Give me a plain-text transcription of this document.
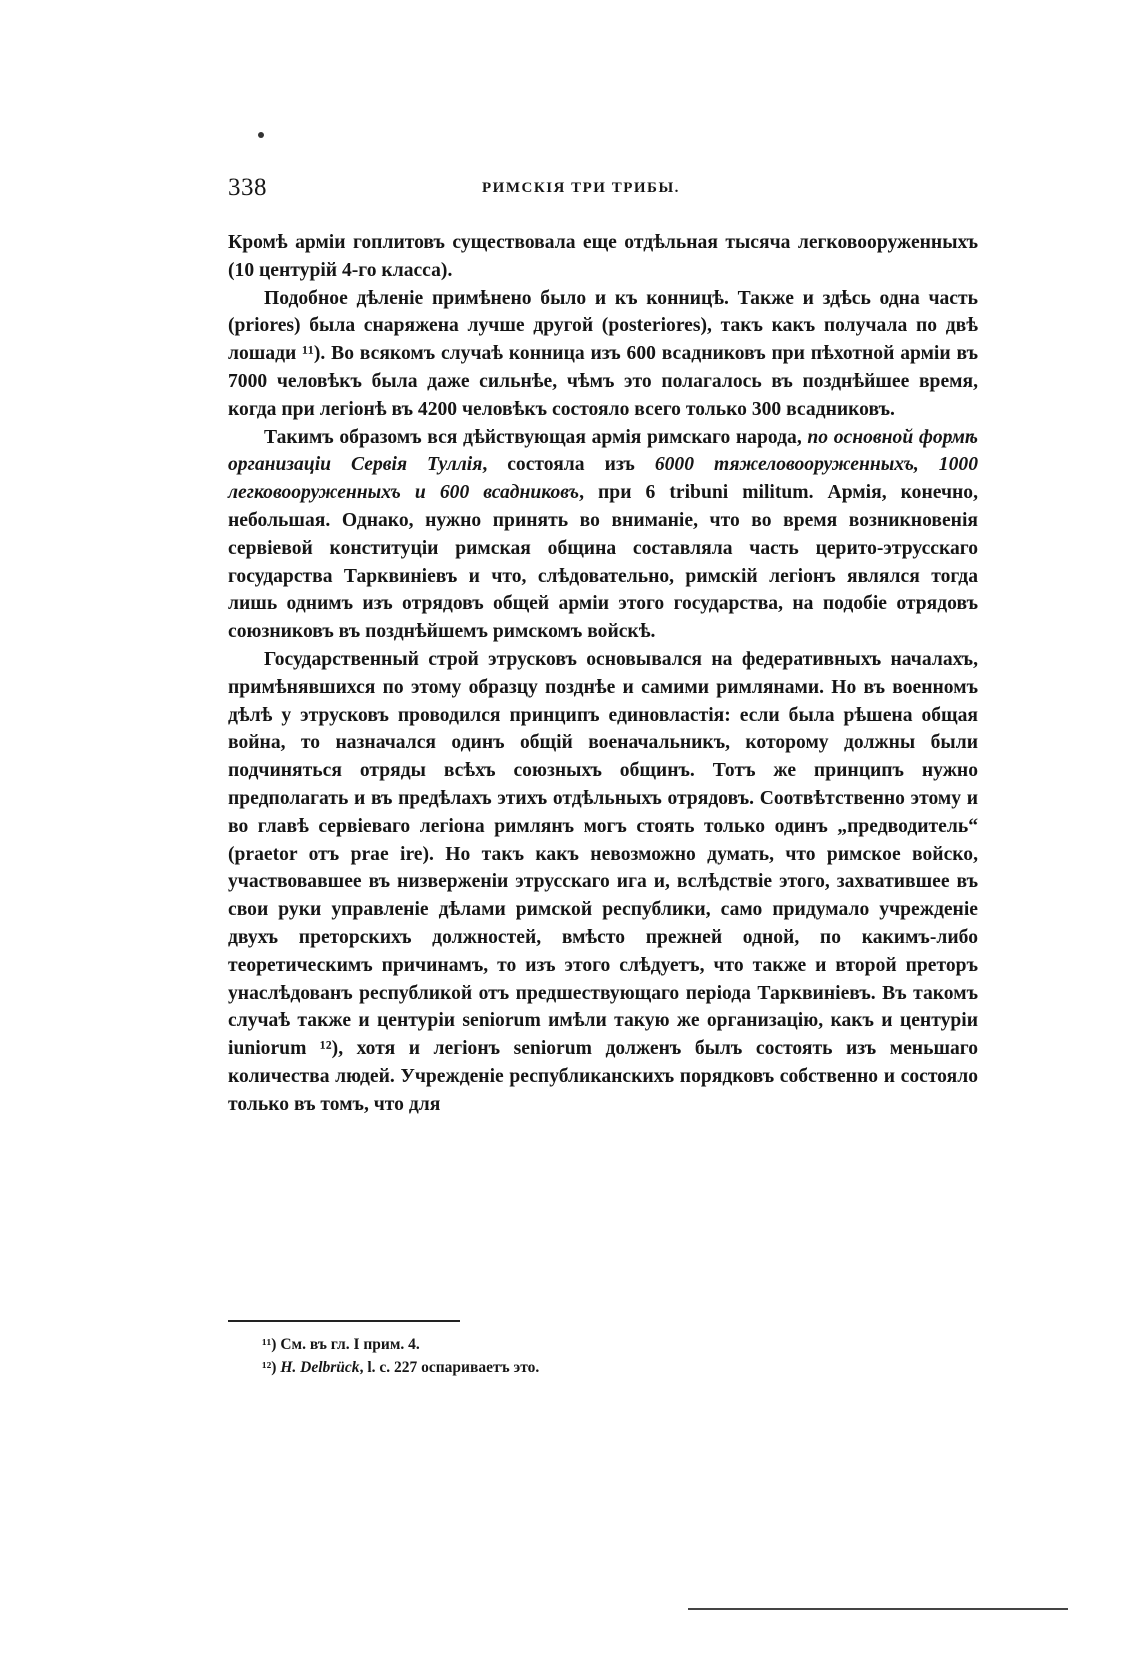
338	РИМСКІЯ ТРИ ТРИБЫ.

Кромѣ арміи гоплитовъ существовала еще отдѣльная тысяча легковооруженныхъ (10 центурій 4-го класса).

Подобное дѣленіе примѣнено было и къ конницѣ. Также и здѣсь одна часть (priores) была снаряжена лучше другой (posteriores), такъ какъ получала по двѣ лошади ¹¹). Во всякомъ случаѣ конница изъ 600 всадниковъ при пѣхотной арміи въ 7000 человѣкъ была даже сильнѣе, чѣмъ это полагалось въ позднѣйшее время, когда при легіонѣ въ 4200 человѣкъ состояло всего только 300 всадниковъ.

Такимъ образомъ вся дѣйствующая армія римскаго народа, по основной формѣ организаціи Сервія Туллія, состояла изъ 6000 тяжеловооруженныхъ, 1000 легковооруженныхъ и 600 всадниковъ, при 6 tribuni militum. Армія, конечно, небольшая. Однако, нужно принять во вниманіе, что во время возникновенія сервіевой конституціи римская община составляла часть церито-этрусскаго государства Тарквиніевъ и что, слѣдовательно, римскій легіонъ являлся тогда лишь однимъ изъ отрядовъ общей арміи этого государства, на подобіе отрядовъ союзниковъ въ позднѣйшемъ римскомъ войскѣ.

Государственный строй этрусковъ основывался на федеративныхъ началахъ, примѣнявшихся по этому образцу позднѣе и самими римлянами. Но въ военномъ дѣлѣ у этрусковъ проводился принципъ единовластія: если была рѣшена общая война, то назначался одинъ общій военачальникъ, которому должны были подчиняться отряды всѣхъ союзныхъ общинъ. Тотъ же принципъ нужно предполагать и въ предѣлахъ этихъ отдѣльныхъ отрядовъ. Соотвѣтственно этому и во главѣ сервіеваго легіона римлянъ могъ стоять только одинъ „предводитель“ (praetor отъ prae ire). Но такъ какъ невозможно думать, что римское войско, участвовавшее въ низверженіи этрусскаго ига и, вслѣдствіе этого, захватившее въ свои руки управленіе дѣлами римской республики, само придумало учрежденіе двухъ преторскихъ должностей, вмѣсто прежней одной, по какимъ-либо теоретическимъ причинамъ, то изъ этого слѣдуетъ, что также и второй преторъ унаслѣдованъ республикой отъ предшествующаго періода Тарквиніевъ. Въ такомъ случаѣ также и центуріи seniorum имѣли такую же организацію, какъ и центуріи iuniorum ¹²), хотя и легіонъ seniorum долженъ былъ состоять изъ меньшаго количества людей. Учрежденіе республиканскихъ порядковъ собственно и состояло только въ томъ, что для

¹¹) См. въ гл. I прим. 4.
¹²) H. Delbrück, l. c. 227 оспариваетъ это.
